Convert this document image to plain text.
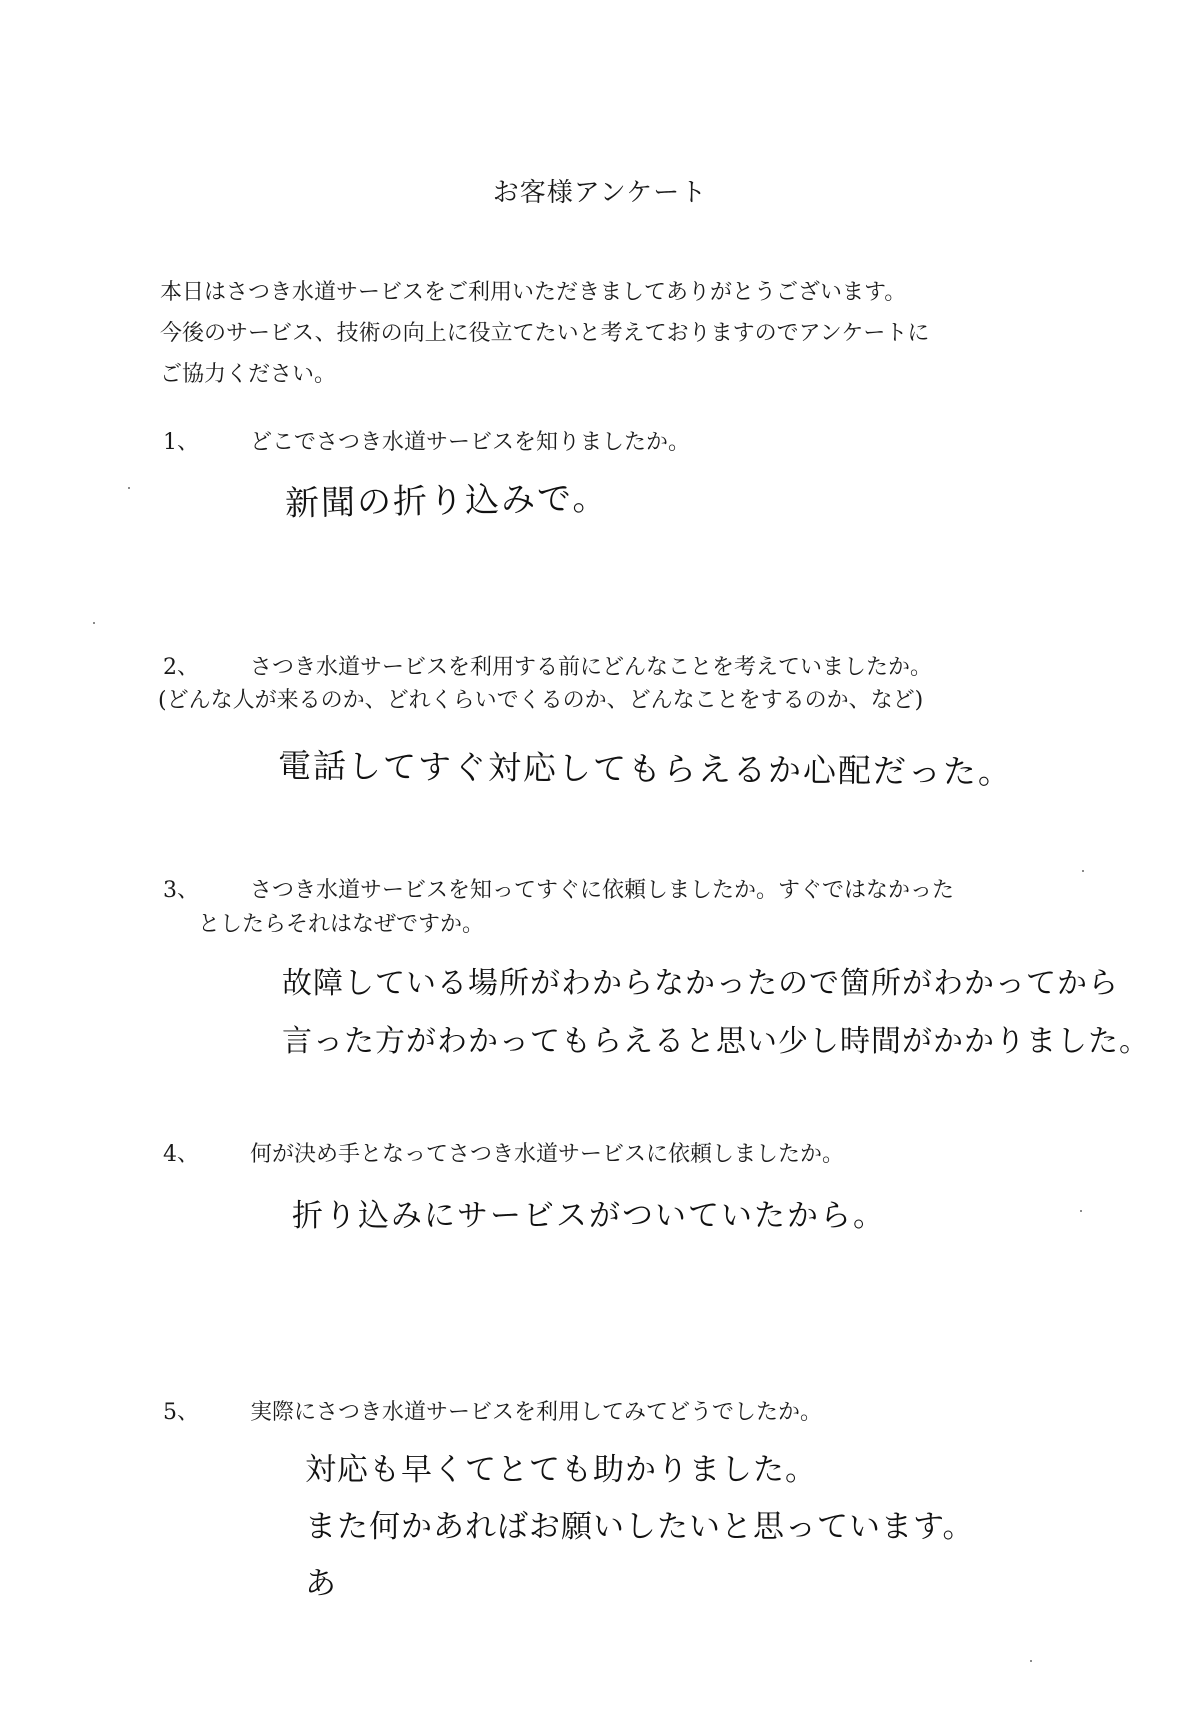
お客様アンケート
本日はさつき水道サービスをご利用いただきましてありがとうございます。
今後のサービス、技術の向上に役立てたいと考えておりますのでアンケートに
ご協力ください。
1、 どこでさつき水道サービスを知りましたか。
新聞の折り込みで。
2、 さつき水道サービスを利用する前にどんなことを考えていましたか。
(どんな人が来るのか、どれくらいでくるのか、どんなことをするのか、など)
電話してすぐ対応してもらえるか心配だった。
3、 さつき水道サービスを知ってすぐに依頼しましたか。すぐではなかった
としたらそれはなぜですか。
故障している場所がわからなかったので箇所がわかってから
言った方がわかってもらえると思い少し時間がかかりました。
4、 何が決め手となってさつき水道サービスに依頼しましたか。
折り込みにサービスがついていたから。
5、 実際にさつき水道サービスを利用してみてどうでしたか。
対応も早くてとても助かりました。
また何かあればお願いしたいと思っています。
あ
